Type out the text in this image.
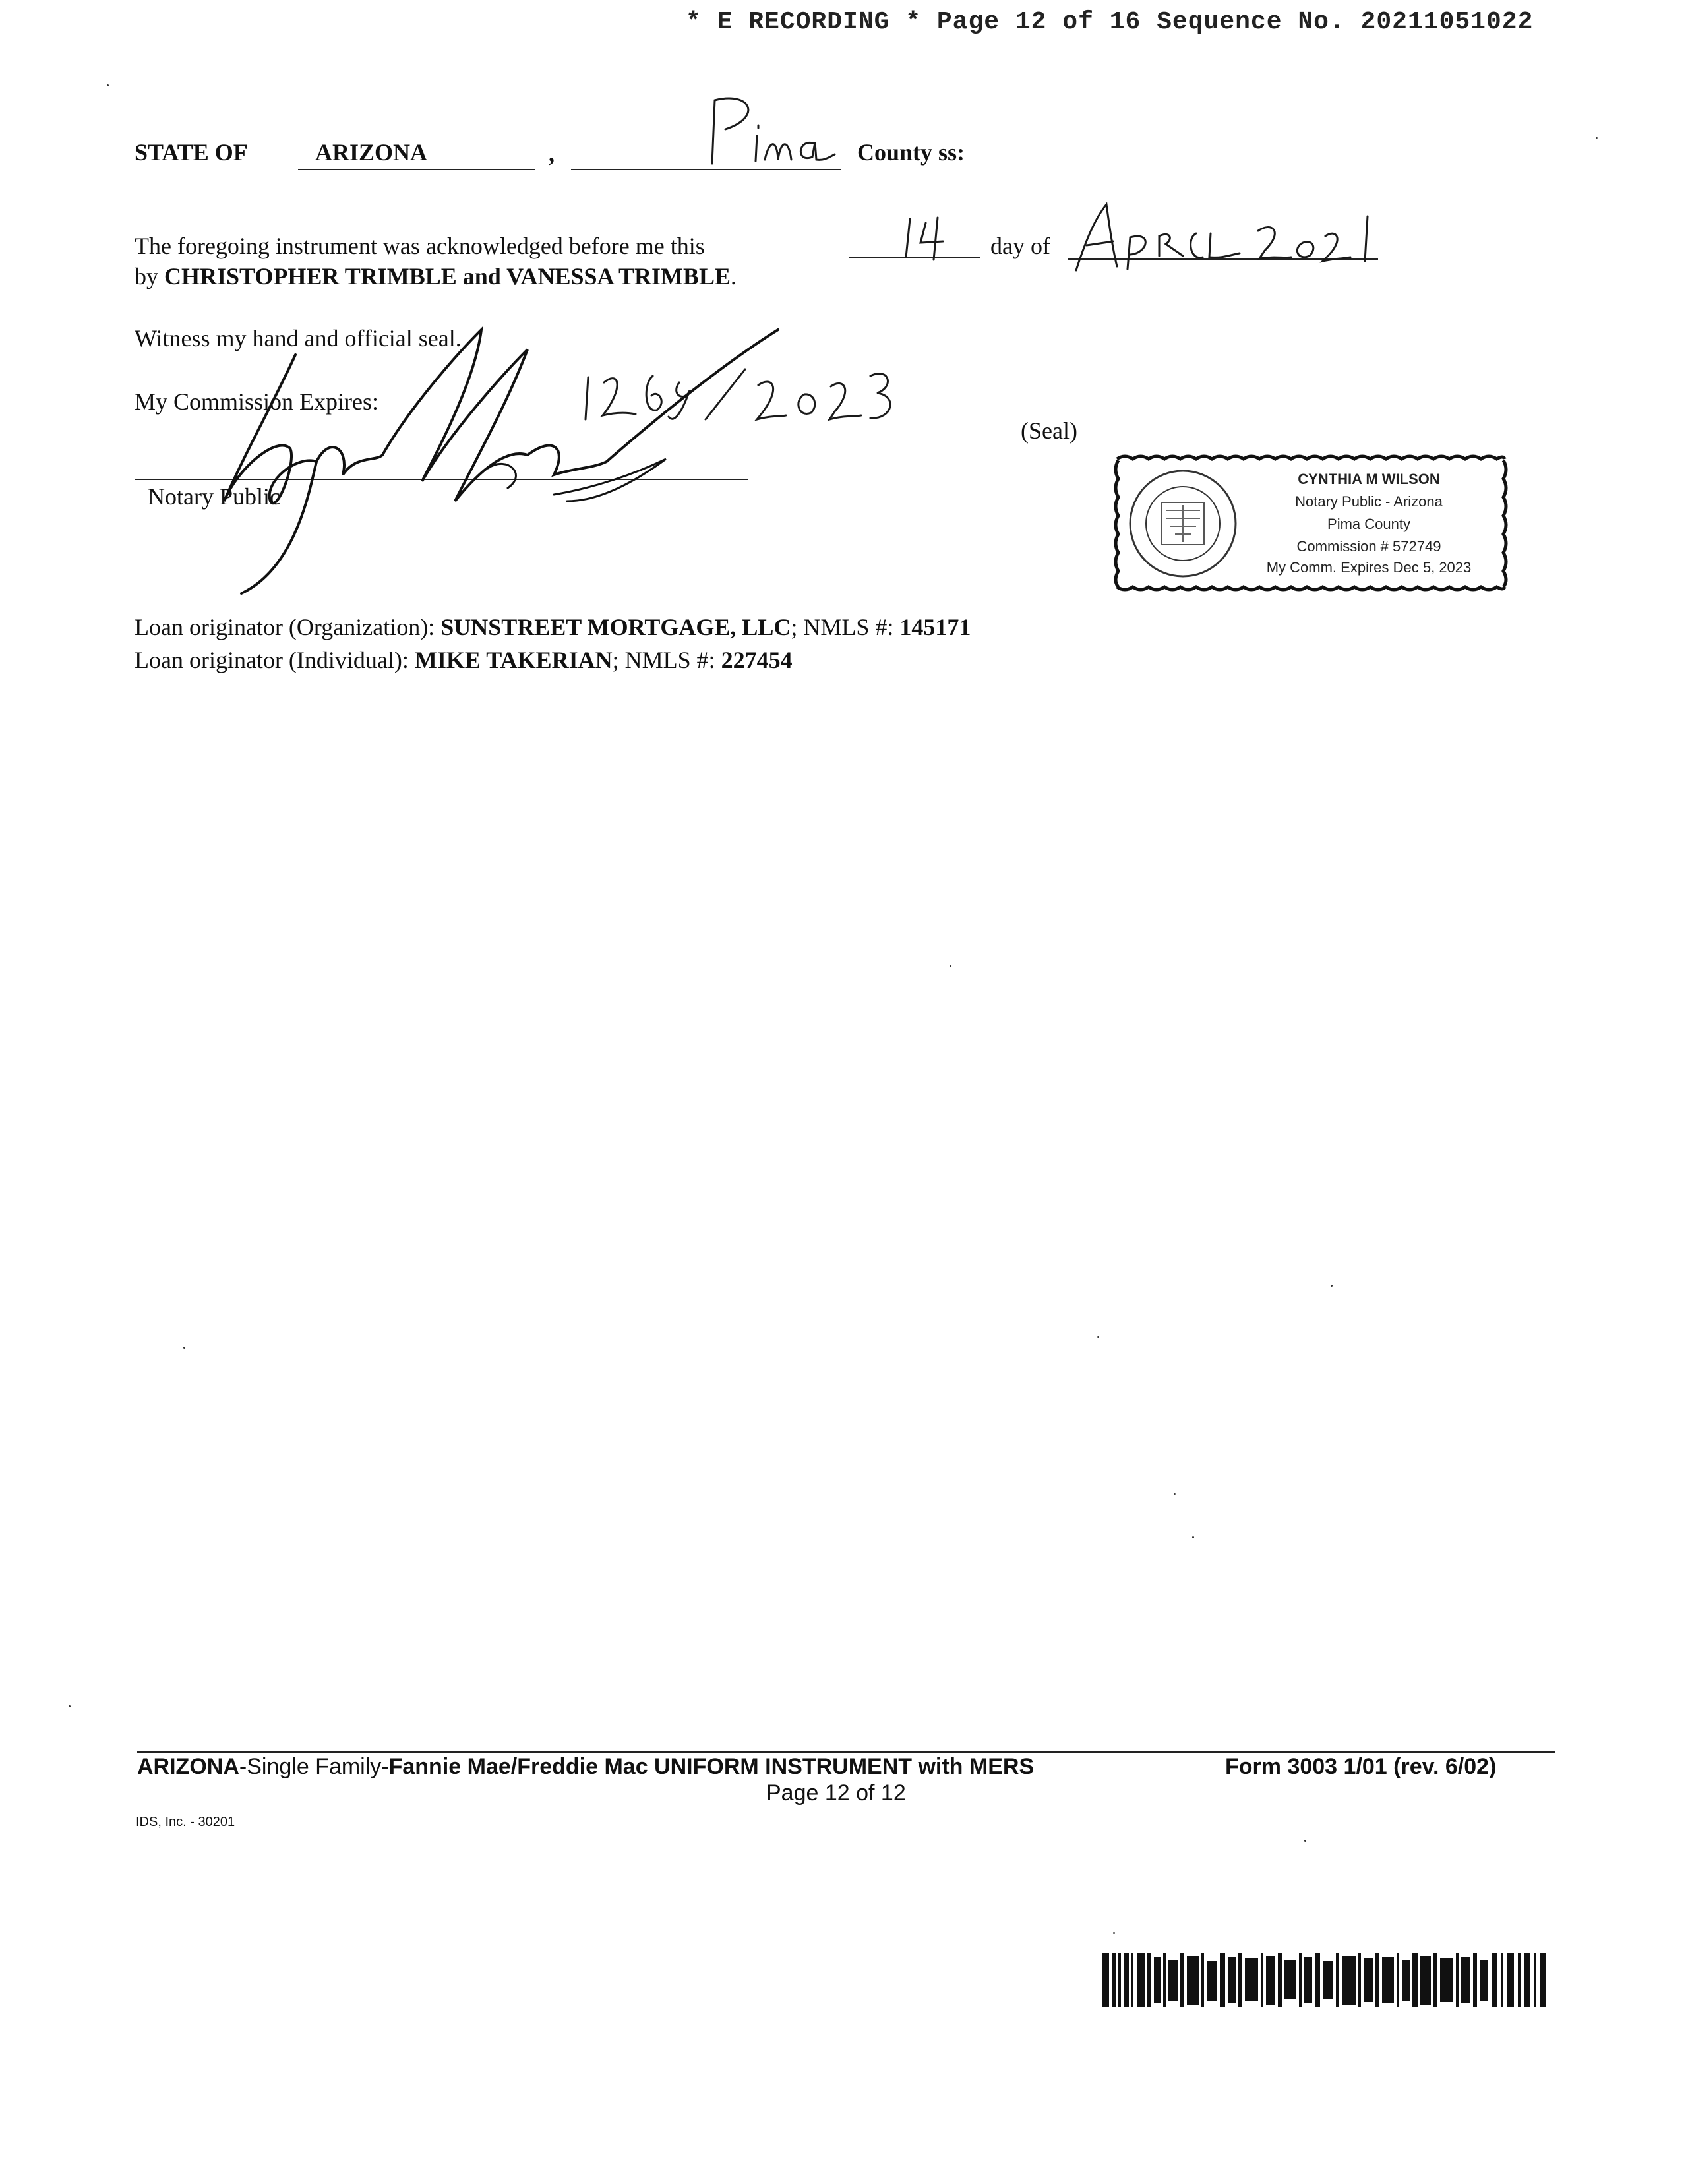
* E RECORDING * Page 12 of 16 Sequence No. 20211051022
STATE OF	ARIZONA	,	County ss:
The foregoing instrument was acknowledged before me this	day of
by CHRISTOPHER TRIMBLE and VANESSA TRIMBLE.
Witness my hand and official seal.
My Commission Expires:
Notary Public
(Seal)
CYNTHIA M WILSON
Notary Public - Arizona
Pima County
Commission # 572749
My Comm. Expires Dec 5, 2023
Loan originator (Organization): SUNSTREET MORTGAGE, LLC; NMLS #: 145171
Loan originator (Individual): MIKE TAKERIAN; NMLS #: 227454
ARIZONA-Single Family-Fannie Mae/Freddie Mac UNIFORM INSTRUMENT with MERS	Form 3003 1/01 (rev. 6/02)
Page 12 of 12
IDS, Inc. - 30201
